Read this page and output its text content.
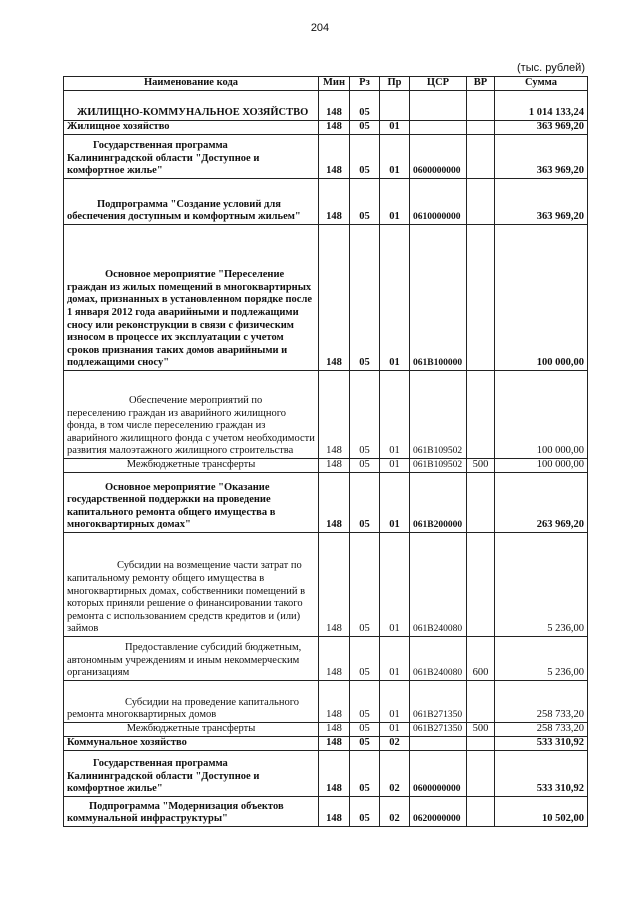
204
(тыс. рублей)
Наименование кода	Мин	Рз	Пр	ЦСР	ВР	Сумма
ЖИЛИЩНО-КОММУНАЛЬНОЕ ХОЗЯЙСТВО	148	05				1 014 133,24
Жилищное хозяйство	148	05	01			363 969,20
Государственная программа Калининградской области "Доступное и комфортное жилье"	148	05	01	0600000000		363 969,20
Подпрограмма "Создание условий для обеспечения доступным и комфортным жильем"	148	05	01	0610000000		363 969,20
Основное мероприятие "Переселение граждан из жилых помещений в многоквартирных домах, признанных в установленном порядке после 1 января 2012 года аварийными и подлежащими сносу или реконструкции в связи с физическим износом в процессе их эксплуатации с учетом сроков признания таких домов аварийными и подлежащими сносу"	148	05	01	061В100000		100 000,00
Обеспечение мероприятий по переселению граждан из аварийного жилищного фонда, в том числе переселению граждан из аварийного жилищного фонда с учетом необходимости развития малоэтажного жилищного строительства	148	05	01	061В109502		100 000,00
Межбюджетные трансферты	148	05	01	061В109502	500	100 000,00
Основное мероприятие "Оказание государственной поддержки на проведение капитального ремонта общего имущества в многоквартирных домах"	148	05	01	061В200000		263 969,20
Субсидии на возмещение части затрат по капитальному ремонту общего имущества в многоквартирных домах, собственники помещений в которых приняли решение о финансировании такого ремонта с использованием средств кредитов и (или) займов	148	05	01	061В240080		5 236,00
Предоставление субсидий бюджетным, автономным учреждениям и иным некоммерческим организациям	148	05	01	061В240080	600	5 236,00
Субсидии на проведение капитального ремонта многоквартирных домов	148	05	01	061В271350		258 733,20
Межбюджетные трансферты	148	05	01	061В271350	500	258 733,20
Коммунальное хозяйство	148	05	02			533 310,92
Государственная программа Калининградской области "Доступное и комфортное жилье"	148	05	02	0600000000		533 310,92
Подпрограмма "Модернизация объектов коммунальной инфраструктуры"	148	05	02	0620000000		10 502,00
